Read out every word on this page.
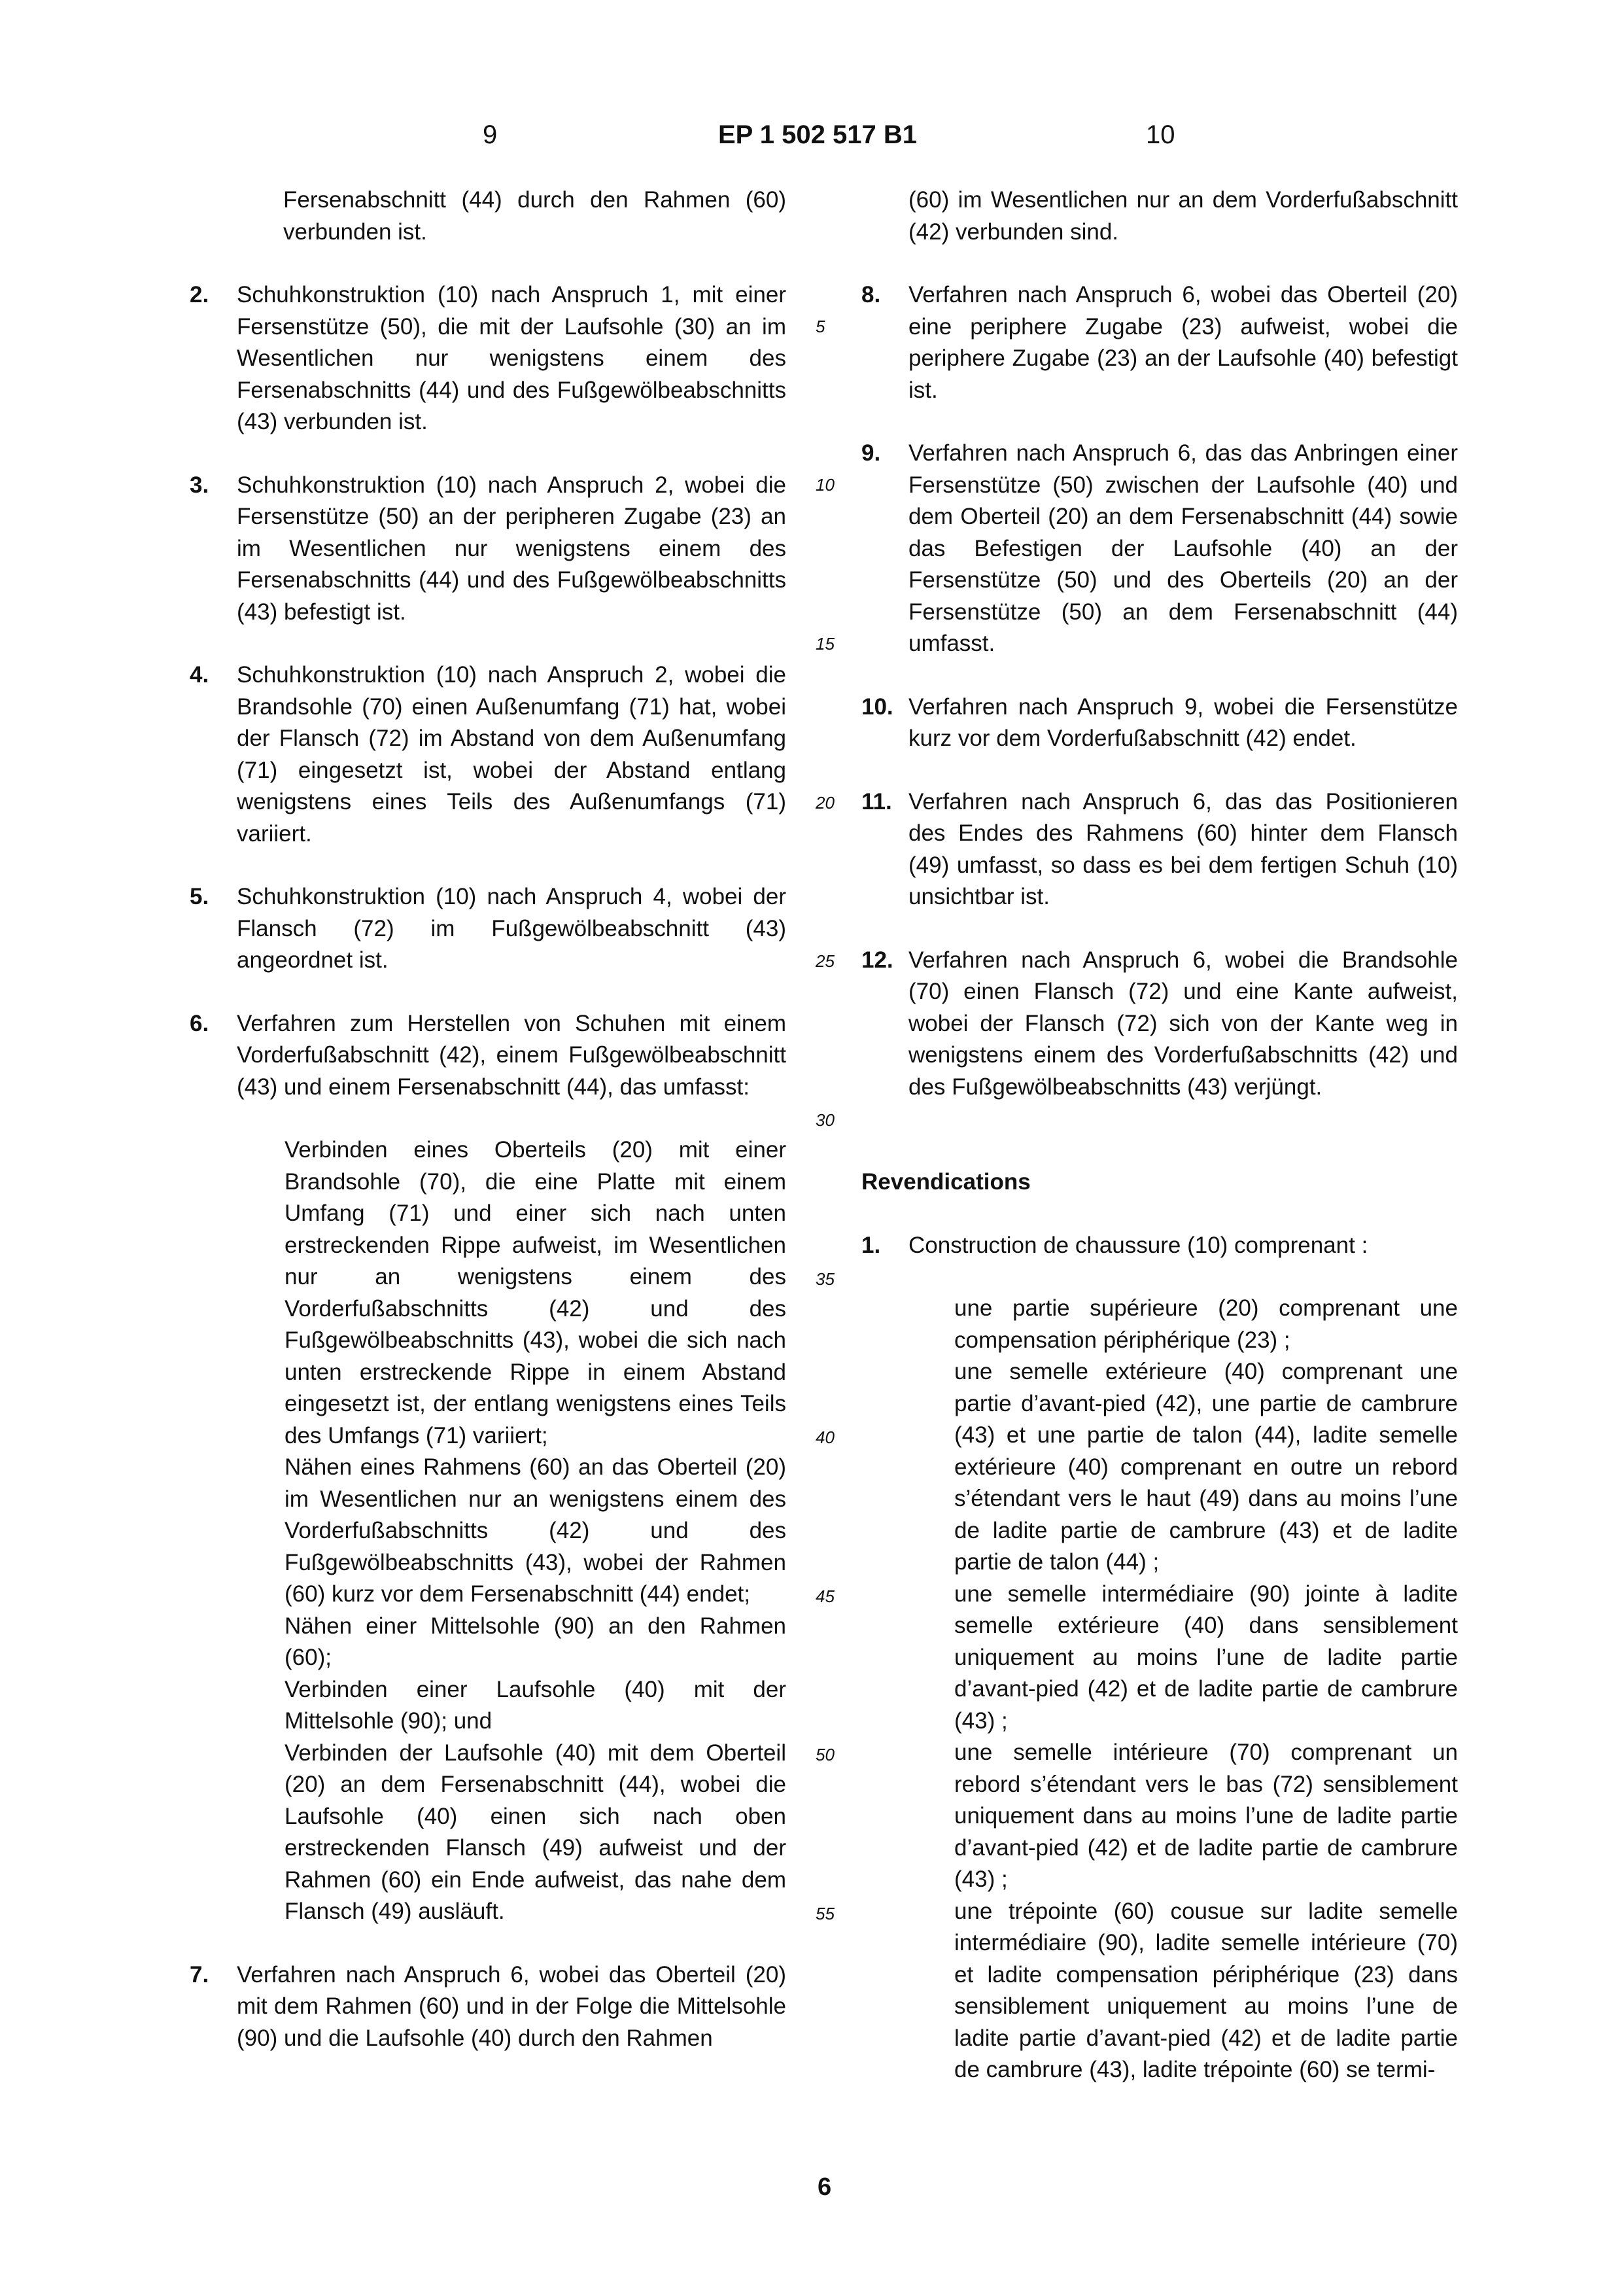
9	EP 1 502 517 B1	10

Fersenabschnitt (44) durch den Rahmen (60) verbunden ist.

2. Schuhkonstruktion (10) nach Anspruch 1, mit einer Fersenstütze (50), die mit der Laufsohle (30) an im Wesentlichen nur wenigstens einem des Fersenabschnitts (44) und des Fußgewölbeabschnitts (43) verbunden ist.

3. Schuhkonstruktion (10) nach Anspruch 2, wobei die Fersenstütze (50) an der peripheren Zugabe (23) an im Wesentlichen nur wenigstens einem des Fersenabschnitts (44) und des Fußgewölbeabschnitts (43) befestigt ist.

4. Schuhkonstruktion (10) nach Anspruch 2, wobei die Brandsohle (70) einen Außenumfang (71) hat, wobei der Flansch (72) im Abstand von dem Außenumfang (71) eingesetzt ist, wobei der Abstand entlang wenigstens eines Teils des Außenumfangs (71) variiert.

5. Schuhkonstruktion (10) nach Anspruch 4, wobei der Flansch (72) im Fußgewölbeabschnitt (43) angeordnet ist.

6. Verfahren zum Herstellen von Schuhen mit einem Vorderfußabschnitt (42), einem Fußgewölbeabschnitt (43) und einem Fersenabschnitt (44), das umfasst:

Verbinden eines Oberteils (20) mit einer Brandsohle (70), die eine Platte mit einem Umfang (71) und einer sich nach unten erstreckenden Rippe aufweist, im Wesentlichen nur an wenigstens einem des Vorderfußabschnitts (42) und des Fußgewölbeabschnitts (43), wobei die sich nach unten erstreckende Rippe in einem Abstand eingesetzt ist, der entlang wenigstens eines Teils des Umfangs (71) variiert;

Nähen eines Rahmens (60) an das Oberteil (20) im Wesentlichen nur an wenigstens einem des Vorderfußabschnitts (42) und des Fußgewölbeabschnitts (43), wobei der Rahmen (60) kurz vor dem Fersenabschnitt (44) endet;

Nähen einer Mittelsohle (90) an den Rahmen (60);

Verbinden einer Laufsohle (40) mit der Mittelsohle (90); und

Verbinden der Laufsohle (40) mit dem Oberteil (20) an dem Fersenabschnitt (44), wobei die Laufsohle (40) einen sich nach oben erstreckenden Flansch (49) aufweist und der Rahmen (60) ein Ende aufweist, das nahe dem Flansch (49) ausläuft.

7. Verfahren nach Anspruch 6, wobei das Oberteil (20) mit dem Rahmen (60) und in der Folge die Mittelsohle (90) und die Laufsohle (40) durch den Rahmen

5
10
15
20
25
30
35
40
45
50
55

(60) im Wesentlichen nur an dem Vorderfußabschnitt (42) verbunden sind.

8. Verfahren nach Anspruch 6, wobei das Oberteil (20) eine periphere Zugabe (23) aufweist, wobei die periphere Zugabe (23) an der Laufsohle (40) befestigt ist.

9. Verfahren nach Anspruch 6, das das Anbringen einer Fersenstütze (50) zwischen der Laufsohle (40) und dem Oberteil (20) an dem Fersenabschnitt (44) sowie das Befestigen der Laufsohle (40) an der Fersenstütze (50) und des Oberteils (20) an der Fersenstütze (50) an dem Fersenabschnitt (44) umfasst.

10. Verfahren nach Anspruch 9, wobei die Fersenstütze kurz vor dem Vorderfußabschnitt (42) endet.

11. Verfahren nach Anspruch 6, das das Positionieren des Endes des Rahmens (60) hinter dem Flansch (49) umfasst, so dass es bei dem fertigen Schuh (10) unsichtbar ist.

12. Verfahren nach Anspruch 6, wobei die Brandsohle (70) einen Flansch (72) und eine Kante aufweist, wobei der Flansch (72) sich von der Kante weg in wenigstens einem des Vorderfußabschnitts (42) und des Fußgewölbeabschnitts (43) verjüngt.

Revendications

1. Construction de chaussure (10) comprenant :

une partie supérieure (20) comprenant une compensation périphérique (23) ;

une semelle extérieure (40) comprenant une partie d’avant-pied (42), une partie de cambrure (43) et une partie de talon (44), ladite semelle extérieure (40) comprenant en outre un rebord s’étendant vers le haut (49) dans au moins l’une de ladite partie de cambrure (43) et de ladite partie de talon (44) ;

une semelle intermédiaire (90) jointe à ladite semelle extérieure (40) dans sensiblement uniquement au moins l’une de ladite partie d’avant-pied (42) et de ladite partie de cambrure (43) ;

une semelle intérieure (70) comprenant un rebord s’étendant vers le bas (72) sensiblement uniquement dans au moins l’une de ladite partie d’avant-pied (42) et de ladite partie de cambrure (43) ;

une trépointe (60) cousue sur ladite semelle intermédiaire (90), ladite semelle intérieure (70) et ladite compensation périphérique (23) dans sensiblement uniquement au moins l’une de ladite partie d’avant-pied (42) et de ladite partie de cambrure (43), ladite trépointe (60) se termi-

6
